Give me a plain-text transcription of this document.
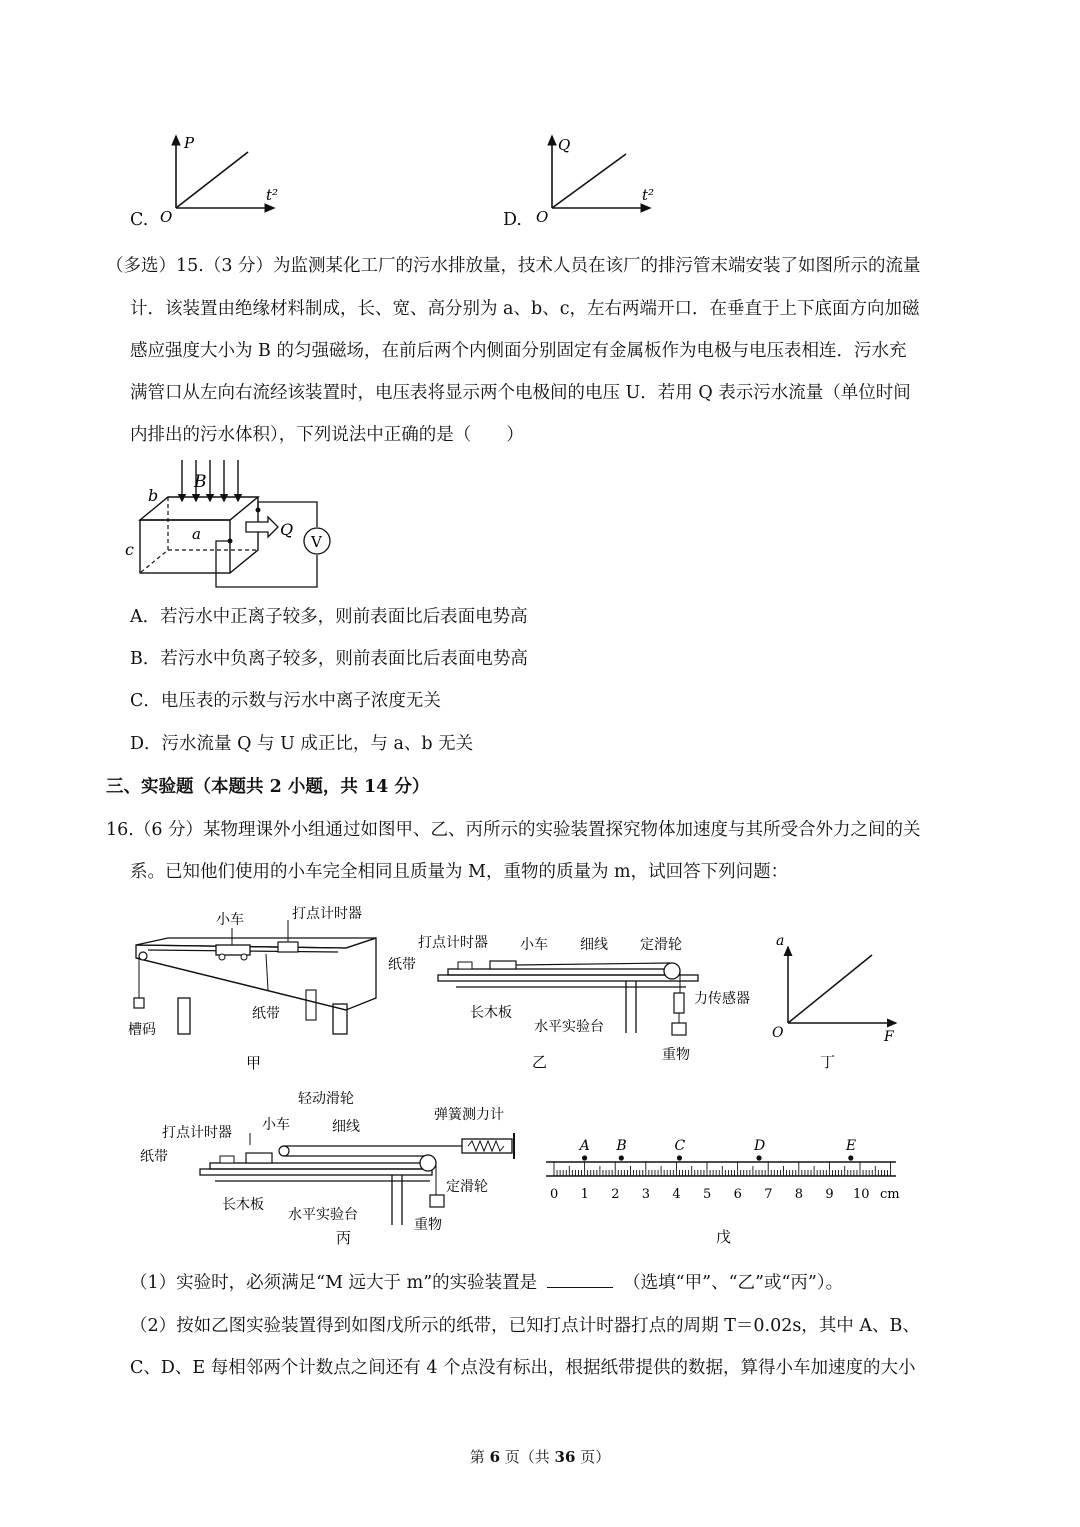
C.
P
t²
O	D.
Q
t²
O
（多选）15.（3 分）为监测某化工厂的污水排放量，技术人员在该厂的排污管末端安装了如图所示的流量
计．该装置由绝缘材料制成，长、宽、高分别为 a、b、c，左右两端开口．在垂直于上下底面方向加磁
感应强度大小为 B 的匀强磁场，在前后两个内侧面分别固定有金属板作为电极与电压表相连．污水充
满管口从左向右流经该装置时，电压表将显示两个电极间的电压 U．若用 Q 表示污水流量（单位时间
内排出的污水体积），下列说法中正确的是（　　）
V
b
B
a
c
Q
A．若污水中正离子较多，则前表面比后表面电势高
B．若污水中负离子较多，则前表面比后表面电势高
C．电压表的示数与污水中离子浓度无关
D．污水流量 Q 与 U 成正比，与 a、b 无关
三、实验题（本题共 2 小题，共 14 分）
16.（6 分）某物理课外小组通过如图甲、乙、丙所示的实验装置探究物体加速度与其所受合外力之间的关
系。已知他们使用的小车完全相同且质量为 M，重物的质量为 m，试回答下列问题：
小车	打点计时器
槽码
纸带
甲
打点计时器 小车 细线 定滑轮
纸带
力传感器
长木板
水平实验台
重物
乙
a
F
O
丁
轻动滑轮
弹簧测力计
打点计时器 小车	细线
纸带
定滑轮
长木板
水平实验台
重物
丙
0 1 2 3 4 5 6 7 8 9 10
A B	C	D	E
cm
戊
（1）实验时，必须满足“M 远大于 m”的实验装置是	（选填“甲”、“乙”或“丙”）。
（2）按如乙图实验装置得到如图戊所示的纸带，已知打点计时器打点的周期 T＝0.02s，其中 A、B、
C、D、E 每相邻两个计数点之间还有 4 个点没有标出，根据纸带提供的数据，算得小车加速度的大小
第 6 页（共 36 页）
